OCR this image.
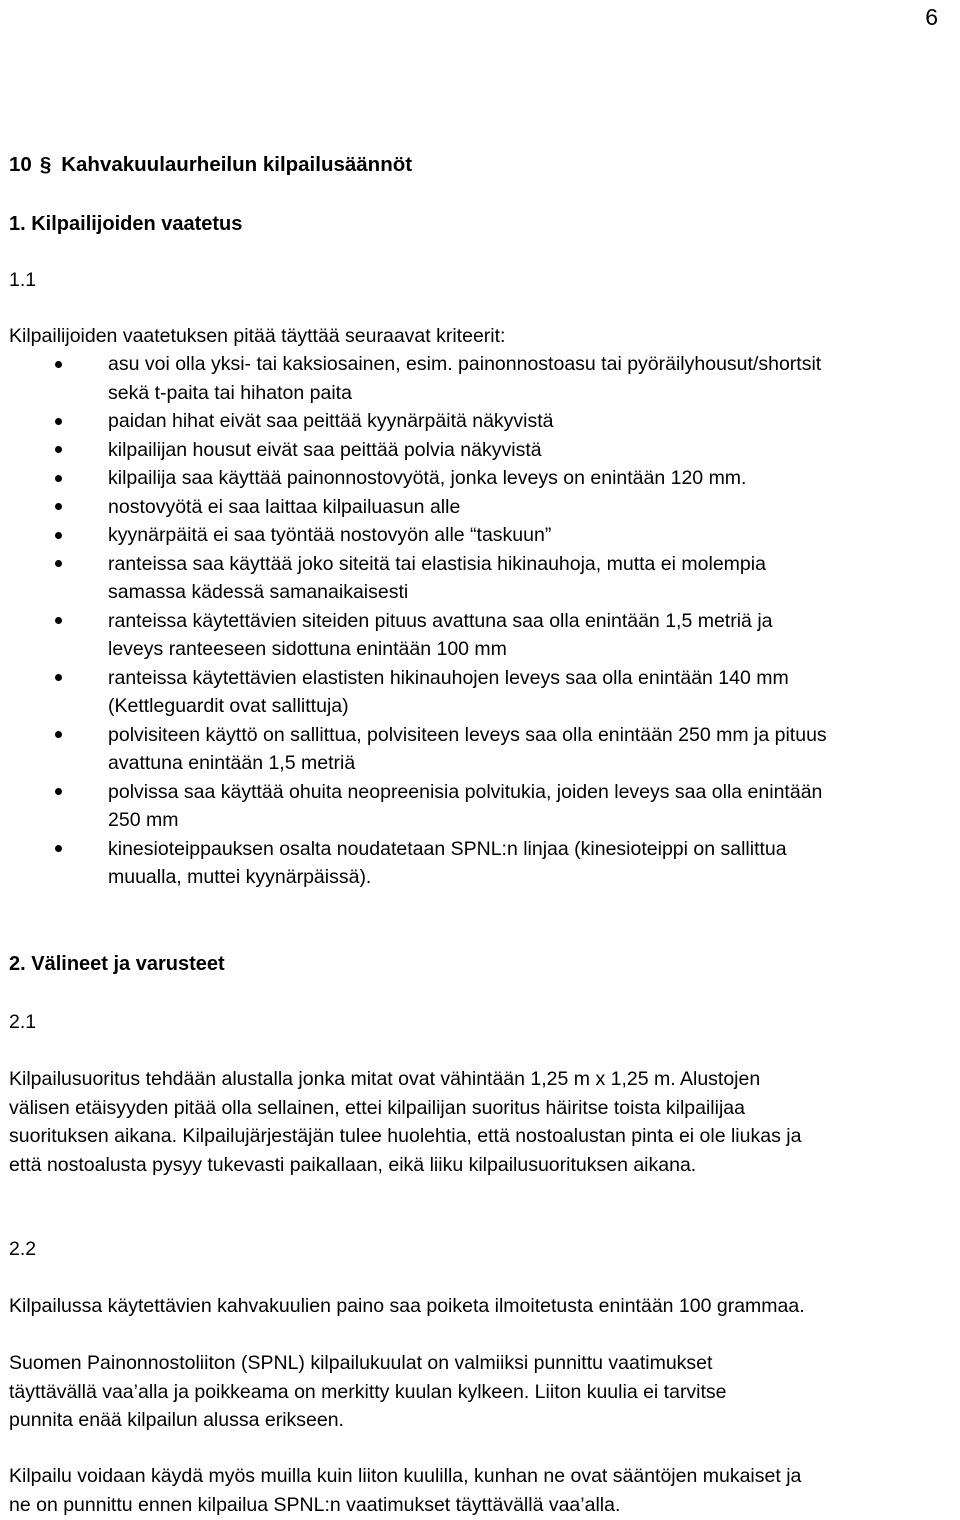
6
10 § Kahvakuulaurheilun kilpailusäännöt
1. Kilpailijoiden vaatetus
1.1
Kilpailijoiden vaatetuksen pitää täyttää seuraavat kriteerit:
asu voi olla yksi- tai kaksiosainen, esim. painonnostoasu tai pyöräilyhousut/shortsit
sekä t-paita tai hihaton paita
paidan hihat eivät saa peittää kyynärpäitä näkyvistä
kilpailijan housut eivät saa peittää polvia näkyvistä
kilpailija saa käyttää painonnostovyötä, jonka leveys on enintään 120 mm.
nostovyötä ei saa laittaa kilpailuasun alle
kyynärpäitä ei saa työntää nostovyön alle “taskuun”
ranteissa saa käyttää joko siteitä tai elastisia hikinauhoja, mutta ei molempia
samassa kädessä samanaikaisesti
ranteissa käytettävien siteiden pituus avattuna saa olla enintään 1,5 metriä ja
leveys ranteeseen sidottuna enintään 100 mm
ranteissa käytettävien elastisten hikinauhojen leveys saa olla enintään 140 mm
(Kettleguardit ovat sallittuja)
polvisiteen käyttö on sallittua, polvisiteen leveys saa olla enintään 250 mm ja pituus
avattuna enintään 1,5 metriä
polvissa saa käyttää ohuita neopreenisia polvitukia, joiden leveys saa olla enintään
250 mm
kinesioteippauksen osalta noudatetaan SPNL:n linjaa (kinesioteippi on sallittua
muualla, muttei kyynärpäissä).
2. Välineet ja varusteet
2.1
Kilpailusuoritus tehdään alustalla jonka mitat ovat vähintään 1,25 m x 1,25 m. Alustojen
välisen etäisyyden pitää olla sellainen, ettei kilpailijan suoritus häiritse toista kilpailijaa
suorituksen aikana. Kilpailujärjestäjän tulee huolehtia, että nostoalustan pinta ei ole liukas ja
että nostoalusta pysyy tukevasti paikallaan, eikä liiku kilpailusuorituksen aikana.
2.2
Kilpailussa käytettävien kahvakuulien paino saa poiketa ilmoitetusta enintään 100 grammaa.
Suomen Painonnostoliiton (SPNL) kilpailukuulat on valmiiksi punnittu vaatimukset
täyttävällä vaa’alla ja poikkeama on merkitty kuulan kylkeen. Liiton kuulia ei tarvitse
punnita enää kilpailun alussa erikseen.
Kilpailu voidaan käydä myös muilla kuin liiton kuulilla, kunhan ne ovat sääntöjen mukaiset ja
ne on punnittu ennen kilpailua SPNL:n vaatimukset täyttävällä vaa’alla.
